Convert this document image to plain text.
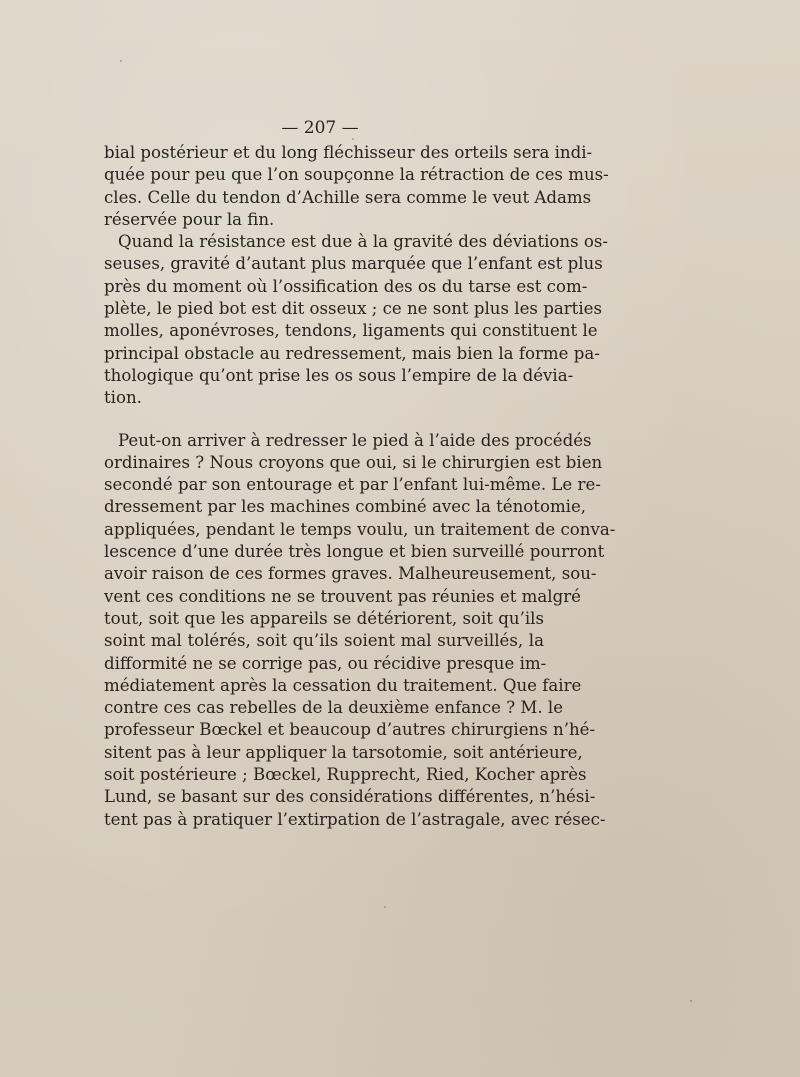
— 207 —
bial postérieur et du long fléchisseur des orteils sera indi-
quée pour peu que l’on soupçonne la rétraction de ces mus-
cles. Celle du tendon d’Achille sera comme le veut Adams
réservée pour la fin.
Quand la résistance est due à la gravité des déviations os-
seuses, gravité d’autant plus marquée que l’enfant est plus
près du moment où l’ossification des os du tarse est com-
plète, le pied bot est dit osseux ; ce ne sont plus les parties
molles, aponévroses, tendons, ligaments qui constituent le
principal obstacle au redressement, mais bien la forme pa-
thologique qu’ont prise les os sous l’empire de la dévia-
tion.
Peut-on arriver à redresser le pied à l’aide des procédés
ordinaires ? Nous croyons que oui, si le chirurgien est bien
secondé par son entourage et par l’enfant lui-même. Le re-
dressement par les machines combiné avec la ténotomie,
appliquées, pendant le temps voulu, un traitement de conva-
lescence d’une durée très longue et bien surveillé pourront
avoir raison de ces formes graves. Malheureusement, sou-
vent ces conditions ne se trouvent pas réunies et malgré
tout, soit que les appareils se détériorent, soit qu’ils
soint mal tolérés, soit qu’ils soient mal surveillés, la
difformité ne se corrige pas, ou récidive presque im-
médiatement après la cessation du traitement. Que faire
contre ces cas rebelles de la deuxième enfance ? M. le
professeur Bœckel et beaucoup d’autres chirurgiens n’hé-
sitent pas à leur appliquer la tarsotomie, soit antérieure,
soit postérieure ; Bœckel, Rupprecht, Ried, Kocher après
Lund, se basant sur des considérations différentes, n’hési-
tent pas à pratiquer l’extirpation de l’astragale, avec résec-
